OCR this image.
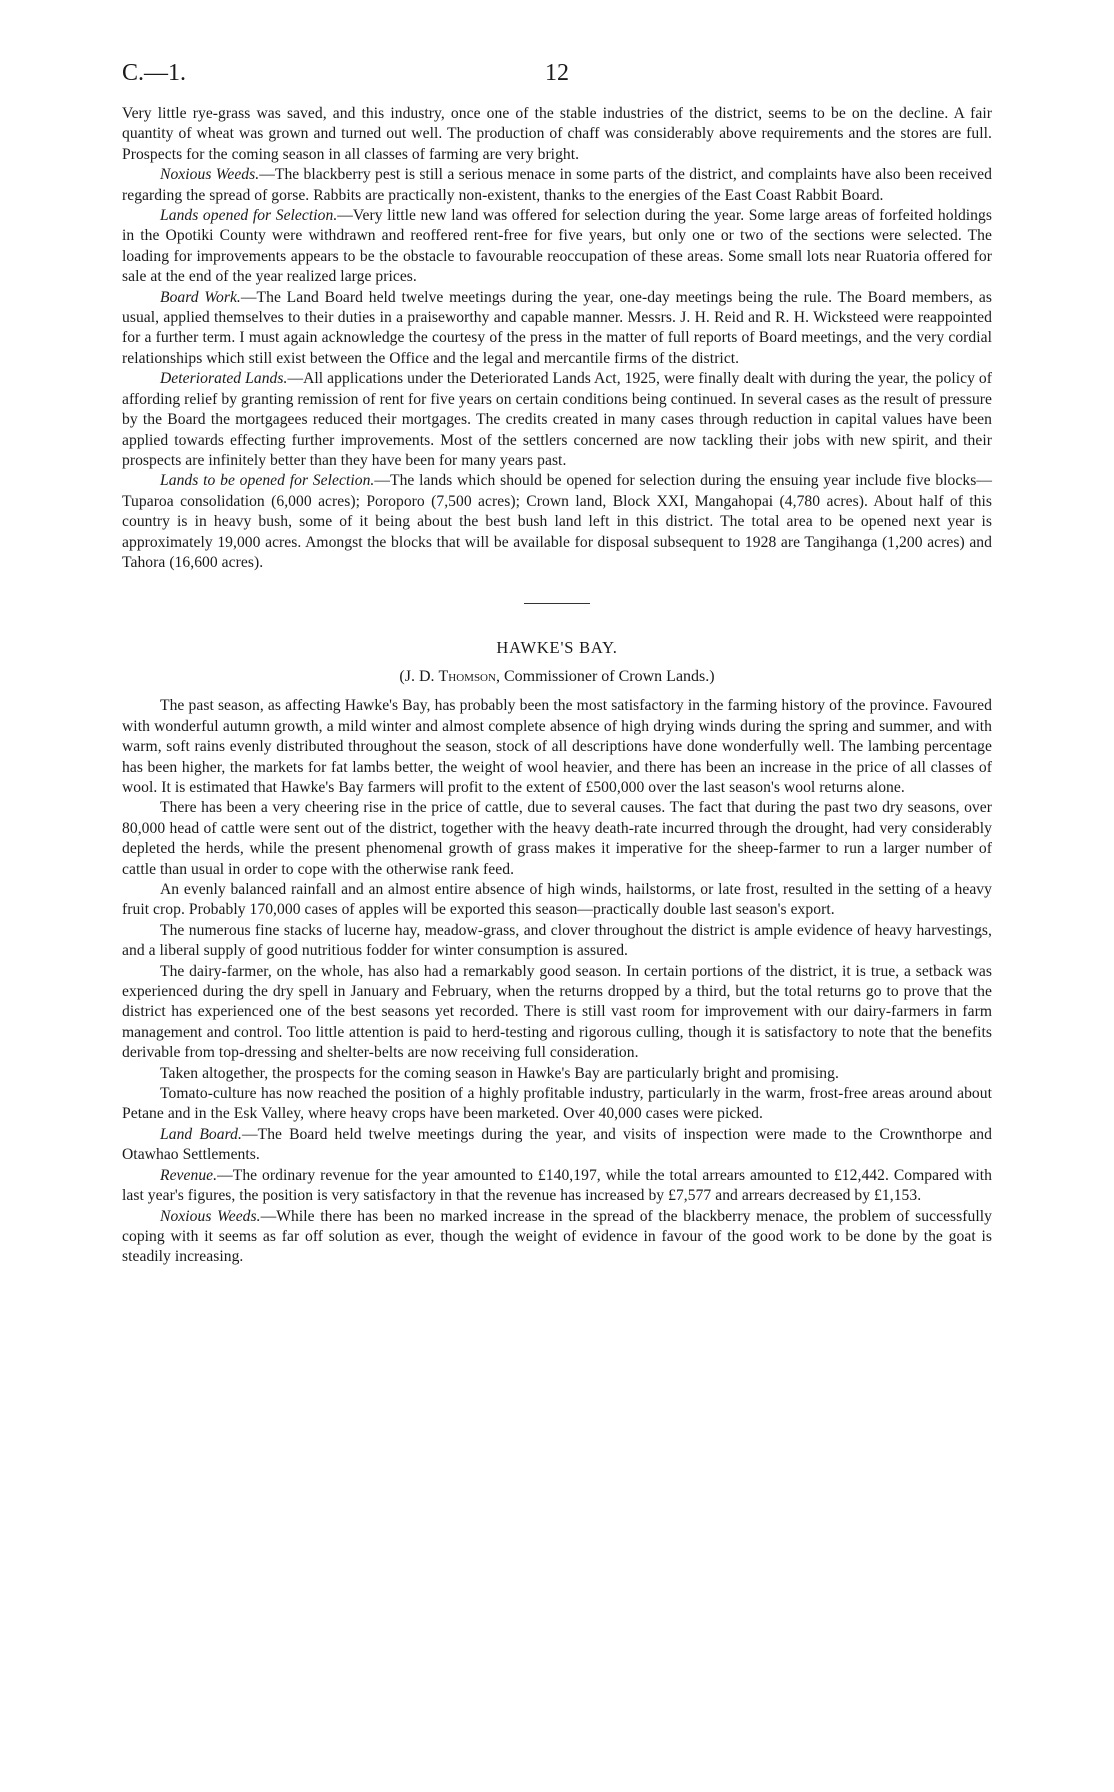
C.—1.	12

Very little rye-grass was saved, and this industry, once one of the stable industries of the district, seems to be on the decline. A fair quantity of wheat was grown and turned out well. The production of chaff was considerably above requirements and the stores are full. Prospects for the coming season in all classes of farming are very bright.

Noxious Weeds.—The blackberry pest is still a serious menace in some parts of the district, and complaints have also been received regarding the spread of gorse. Rabbits are practically non-existent, thanks to the energies of the East Coast Rabbit Board.

Lands opened for Selection.—Very little new land was offered for selection during the year. Some large areas of forfeited holdings in the Opotiki County were withdrawn and reoffered rent-free for five years, but only one or two of the sections were selected. The loading for improvements appears to be the obstacle to favourable reoccupation of these areas. Some small lots near Ruatoria offered for sale at the end of the year realized large prices.

Board Work.—The Land Board held twelve meetings during the year, one-day meetings being the rule. The Board members, as usual, applied themselves to their duties in a praiseworthy and capable manner. Messrs. J. H. Reid and R. H. Wicksteed were reappointed for a further term. I must again acknowledge the courtesy of the press in the matter of full reports of Board meetings, and the very cordial relationships which still exist between the Office and the legal and mercantile firms of the district.

Deteriorated Lands.—All applications under the Deteriorated Lands Act, 1925, were finally dealt with during the year, the policy of affording relief by granting remission of rent for five years on certain conditions being continued. In several cases as the result of pressure by the Board the mortgagees reduced their mortgages. The credits created in many cases through reduction in capital values have been applied towards effecting further improvements. Most of the settlers concerned are now tackling their jobs with new spirit, and their prospects are infinitely better than they have been for many years past.

Lands to be opened for Selection.—The lands which should be opened for selection during the ensuing year include five blocks—Tuparoa consolidation (6,000 acres); Poroporo (7,500 acres); Crown land, Block XXI, Mangahopai (4,780 acres). About half of this country is in heavy bush, some of it being about the best bush land left in this district. The total area to be opened next year is approximately 19,000 acres. Amongst the blocks that will be available for disposal subsequent to 1928 are Tangihanga (1,200 acres) and Tahora (16,600 acres).

HAWKE'S BAY.
(J. D. Thomson, Commissioner of Crown Lands.)

The past season, as affecting Hawke's Bay, has probably been the most satisfactory in the farming history of the province. Favoured with wonderful autumn growth, a mild winter and almost complete absence of high drying winds during the spring and summer, and with warm, soft rains evenly distributed throughout the season, stock of all descriptions have done wonderfully well. The lambing percentage has been higher, the markets for fat lambs better, the weight of wool heavier, and there has been an increase in the price of all classes of wool. It is estimated that Hawke's Bay farmers will profit to the extent of £500,000 over the last season's wool returns alone.

There has been a very cheering rise in the price of cattle, due to several causes. The fact that during the past two dry seasons, over 80,000 head of cattle were sent out of the district, together with the heavy death-rate incurred through the drought, had very considerably depleted the herds, while the present phenomenal growth of grass makes it imperative for the sheep-farmer to run a larger number of cattle than usual in order to cope with the otherwise rank feed.

An evenly balanced rainfall and an almost entire absence of high winds, hailstorms, or late frost, resulted in the setting of a heavy fruit crop. Probably 170,000 cases of apples will be exported this season—practically double last season's export.

The numerous fine stacks of lucerne hay, meadow-grass, and clover throughout the district is ample evidence of heavy harvestings, and a liberal supply of good nutritious fodder for winter consumption is assured.

The dairy-farmer, on the whole, has also had a remarkably good season. In certain portions of the district, it is true, a setback was experienced during the dry spell in January and February, when the returns dropped by a third, but the total returns go to prove that the district has experienced one of the best seasons yet recorded. There is still vast room for improvement with our dairy-farmers in farm management and control. Too little attention is paid to herd-testing and rigorous culling, though it is satisfactory to note that the benefits derivable from top-dressing and shelter-belts are now receiving full consideration.

Taken altogether, the prospects for the coming season in Hawke's Bay are particularly bright and promising.

Tomato-culture has now reached the position of a highly profitable industry, particularly in the warm, frost-free areas around about Petane and in the Esk Valley, where heavy crops have been marketed. Over 40,000 cases were picked.

Land Board.—The Board held twelve meetings during the year, and visits of inspection were made to the Crownthorpe and Otawhao Settlements.

Revenue.—The ordinary revenue for the year amounted to £140,197, while the total arrears amounted to £12,442. Compared with last year's figures, the position is very satisfactory in that the revenue has increased by £7,577 and arrears decreased by £1,153.

Noxious Weeds.—While there has been no marked increase in the spread of the blackberry menace, the problem of successfully coping with it seems as far off solution as ever, though the weight of evidence in favour of the good work to be done by the goat is steadily increasing.
